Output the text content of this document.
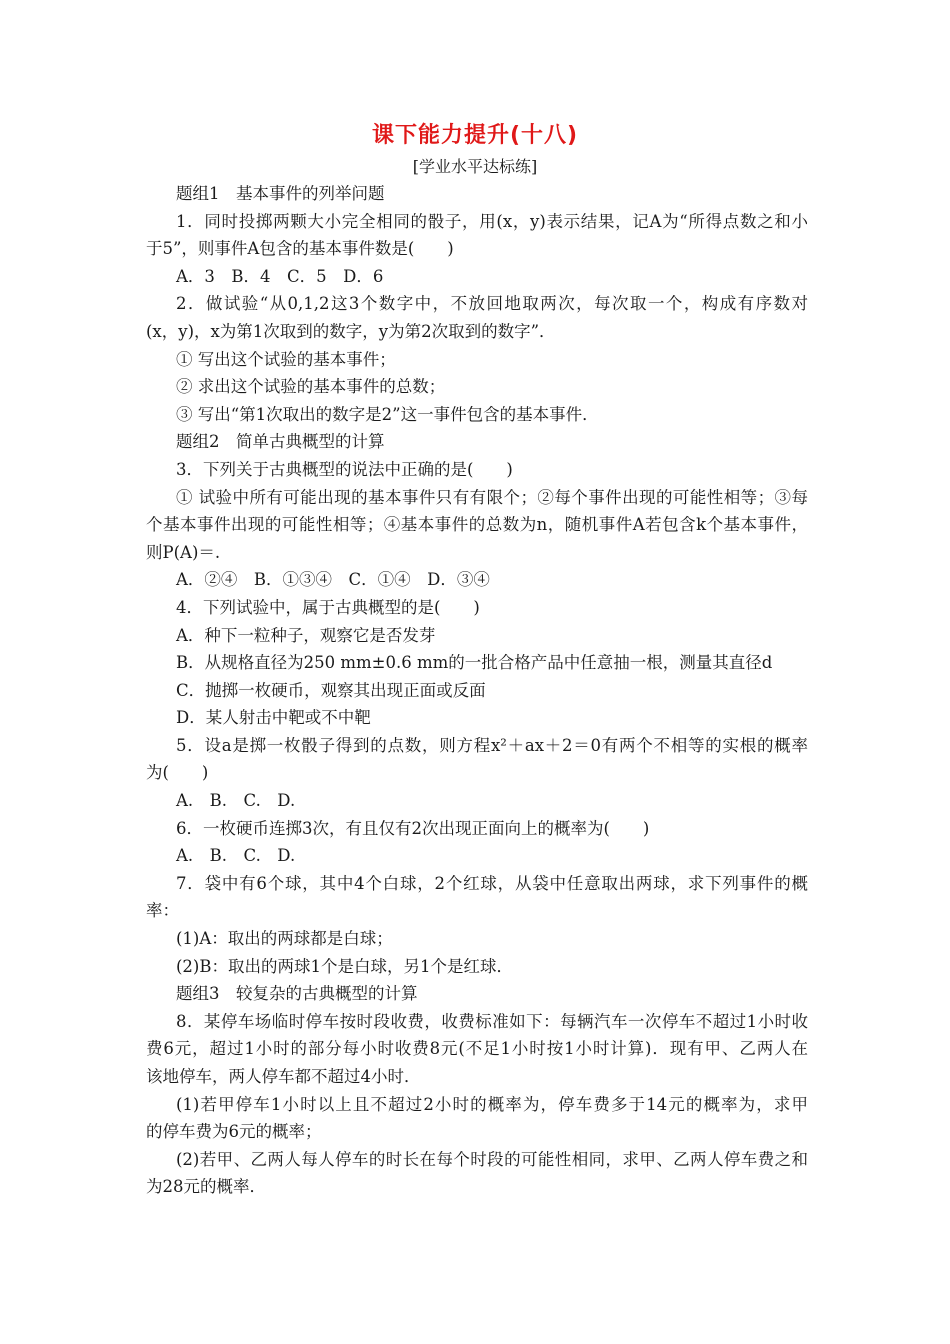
课下能力提升(十八)
[学业水平达标练]
题组1　基本事件的列举问题
1．同时投掷两颗大小完全相同的骰子，用(x，y)表示结果，记A为“所得点数之和小
于5”，则事件A包含的基本事件数是(　　)
A．3　B．4　C．5　D．6
2．做试验“从0,1,2这3个数字中，不放回地取两次，每次取一个，构成有序数对
(x，y)，x为第1次取到的数字，y为第2次取到的数字”．
① 写出这个试验的基本事件；
② 求出这个试验的基本事件的总数；
③ 写出“第1次取出的数字是2”这一事件包含的基本事件．
题组2　简单古典概型的计算
3．下列关于古典概型的说法中正确的是(　　)
① 试验中所有可能出现的基本事件只有有限个；②每个事件出现的可能性相等；③每
个基本事件出现的可能性相等；④基本事件的总数为n，随机事件A若包含k个基本事件，
则P(A)＝.
A．②④　B．①③④　C．①④　D．③④
4．下列试验中，属于古典概型的是(　　)
A．种下一粒种子，观察它是否发芽
B．从规格直径为250 mm±0.6 mm的一批合格产品中任意抽一根，测量其直径d
C．抛掷一枚硬币，观察其出现正面或反面
D．某人射击中靶或不中靶
5．设a是掷一枚骰子得到的点数，则方程x²＋ax＋2＝0有两个不相等的实根的概率
为(　　)
A.　B.　C.　D.
6．一枚硬币连掷3次，有且仅有2次出现正面向上的概率为(　　)
A.　B.　C.　D.
7．袋中有6个球，其中4个白球，2个红球，从袋中任意取出两球，求下列事件的概
率：
(1)A：取出的两球都是白球；
(2)B：取出的两球1个是白球，另1个是红球．
题组3　较复杂的古典概型的计算
8．某停车场临时停车按时段收费，收费标准如下：每辆汽车一次停车不超过1小时收
费6元，超过1小时的部分每小时收费8元(不足1小时按1小时计算)．现有甲、乙两人在
该地停车，两人停车都不超过4小时．
(1)若甲停车1小时以上且不超过2小时的概率为，停车费多于14元的概率为，求甲
的停车费为6元的概率；
(2)若甲、乙两人每人停车的时长在每个时段的可能性相同，求甲、乙两人停车费之和
为28元的概率．
